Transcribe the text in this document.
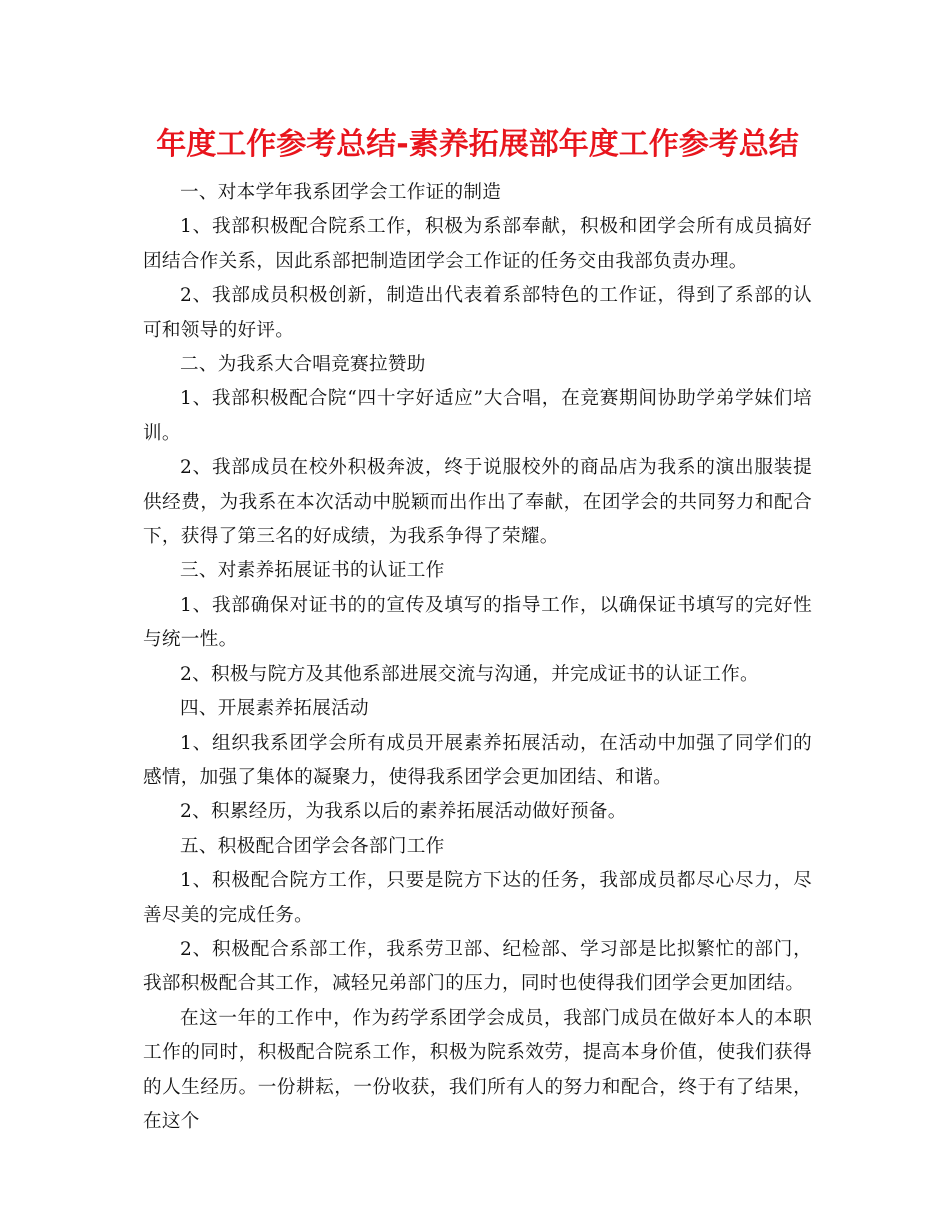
年度工作参考总结-素养拓展部年度工作参考总结

一、对本学年我系团学会工作证的制造

1、我部积极配合院系工作，积极为系部奉献，积极和团学会所有成员搞好团结合作关系，因此系部把制造团学会工作证的任务交由我部负责办理。

2、我部成员积极创新，制造出代表着系部特色的工作证，得到了系部的认可和领导的好评。

二、为我系大合唱竞赛拉赞助

1、我部积极配合院“四十字好适应”大合唱，在竞赛期间协助学弟学妹们培训。

2、我部成员在校外积极奔波，终于说服校外的商品店为我系的演出服装提供经费，为我系在本次活动中脱颖而出作出了奉献，在团学会的共同努力和配合下，获得了第三名的好成绩，为我系争得了荣耀。

三、对素养拓展证书的认证工作

1、我部确保对证书的的宣传及填写的指导工作，以确保证书填写的完好性与统一性。

2、积极与院方及其他系部进展交流与沟通，并完成证书的认证工作。

四、开展素养拓展活动

1、组织我系团学会所有成员开展素养拓展活动，在活动中加强了同学们的感情，加强了集体的凝聚力，使得我系团学会更加团结、和谐。

2、积累经历，为我系以后的素养拓展活动做好预备。

五、积极配合团学会各部门工作

1、积极配合院方工作，只要是院方下达的任务，我部成员都尽心尽力，尽善尽美的完成任务。

2、积极配合系部工作，我系劳卫部、纪检部、学习部是比拟繁忙的部门，我部积极配合其工作，减轻兄弟部门的压力，同时也使得我们团学会更加团结。

在这一年的工作中，作为药学系团学会成员，我部门成员在做好本人的本职工作的同时，积极配合院系工作，积极为院系效劳，提高本身价值，使我们获得的人生经历。一份耕耘，一份收获，我们所有人的努力和配合，终于有了结果，在这个
